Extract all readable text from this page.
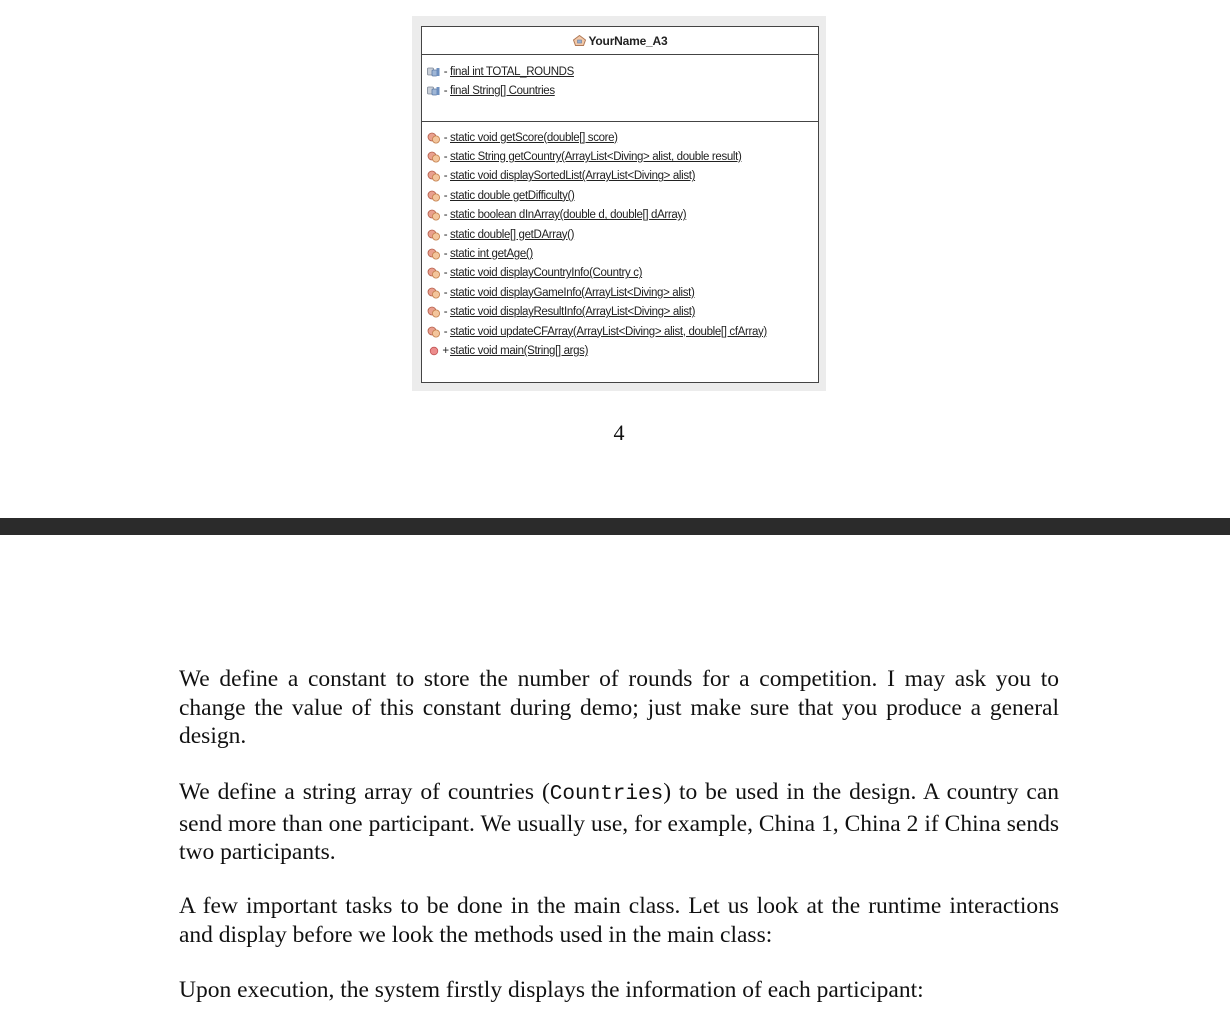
YourName_A3
- final int TOTAL_ROUNDS
- final String[] Countries
- static void getScore(double[] score)
- static String getCountry(ArrayList<Diving> alist, double result)
- static void displaySortedList(ArrayList<Diving> alist)
- static double getDifficulty()
- static boolean dInArray(double d, double[] dArray)
- static double[] getDArray()
- static int getAge()
- static void displayCountryInfo(Country c)
- static void displayGameInfo(ArrayList<Diving> alist)
- static void displayResultInfo(ArrayList<Diving> alist)
- static void updateCFArray(ArrayList<Diving> alist, double[] cfArray)
+ static void main(String[] args)
4

We define a constant to store the number of rounds for a competition. I may ask you to change the value of this constant during demo; just make sure that you produce a general design.

We define a string array of countries (Countries) to be used in the design. A country can send more than one participant. We usually use, for example, China 1, China 2 if China sends two participants.

A few important tasks to be done in the main class. Let us look at the runtime interactions and display before we look the methods used in the main class:

Upon execution, the system firstly displays the information of each participant:
